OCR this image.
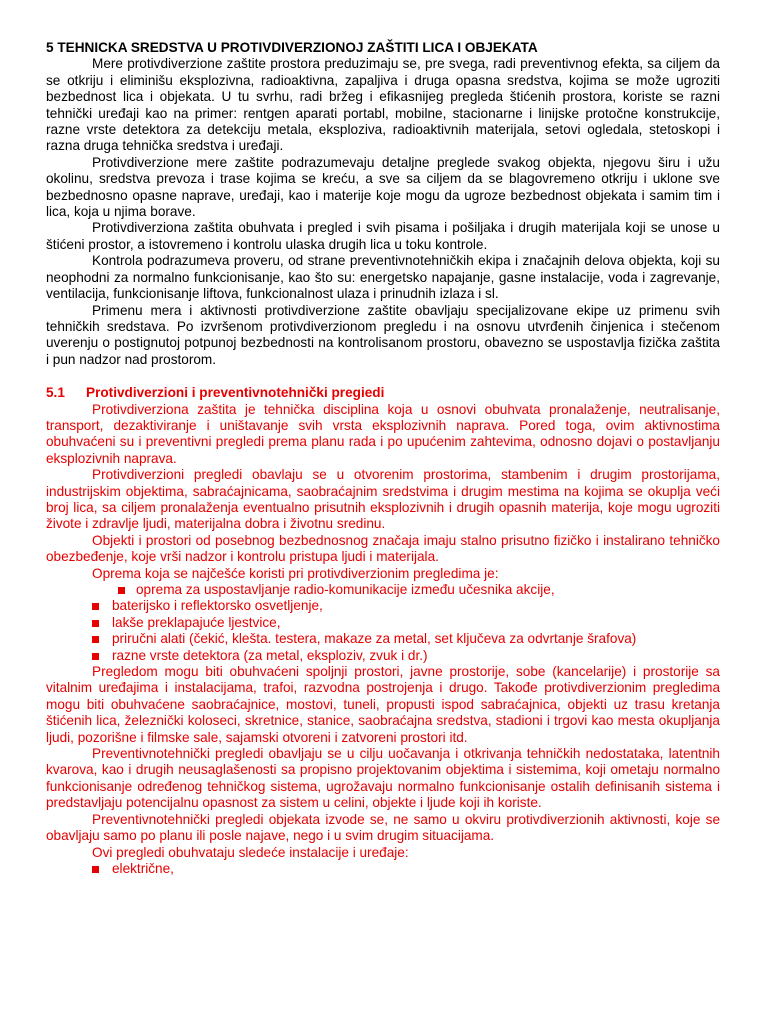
5 TEHNICKA SREDSTVA U PROTIVDIVERZIONOJ ZAŠTITI LICA I OBJEKATA

Mere protivdiverzione zaštite prostora preduzimaju se, pre svega, radi preventivnog efekta, sa ciljem da se otkriju i eliminišu eksplozivna, radioaktivna, zapaljiva i druga opasna sredstva, kojima se može ugroziti bezbednost lica i objekata. U tu svrhu, radi bržeg i efikasnijeg pregleda štićenih prostora, koriste se razni tehnički uređaji kao na primer: rentgen aparati portabl, mobilne, stacionarne i linijske protočne konstrukcije, razne vrste detektora za detekciju metala, eksploziva, radioaktivnih materijala, setovi ogledala, stetoskopi i razna druga tehnička sredstva i uređaji.

Protivdiverzione mere zaštite podrazumevaju detaljne preglede svakog objekta, njegovu širu i užu okolinu, sredstva prevoza i trase kojima se kreću, a sve sa ciljem da se blagovremeno otkriju i uklone sve bezbednosno opasne naprave, uređaji, kao i materije koje mogu da ugroze bezbednost objekata i samim tim i lica, koja u njima borave.

Protivdiverziona zaštita obuhvata i pregled i svih pisama i pošiljaka i drugih materijala koji se unose u štićeni prostor, a istovremeno i kontrolu ulaska drugih lica u toku kontrole.

Kontrola podrazumeva proveru, od strane preventivnotehničkih ekipa i značajnih delova objekta, koji su neophodni za normalno funkcionisanje, kao što su: energetsko napajanje, gasne instalacije, voda i zagrevanje, ventilacija, funkcionisanje liftova, funkcionalnost ulaza i prinudnih izlaza i sl.

Primenu mera i aktivnosti protivdiverzione zaštite obavljaju specijalizovane ekipe uz primenu svih tehničkih sredstava. Po izvršenom protivdiverzionom pregledu i na osnovu utvrđenih činjenica i stečenom uverenju o postignutoj potpunoj bezbednosti na kontrolisanom prostoru, obavezno se uspostavlja fizička zaštita i pun nadzor nad prostorom.

5.1 Protivdiverzioni i preventivnotehnički pregiedi

Protivdiverziona zaštita je tehnička disciplina koja u osnovi obuhvata pronalaženje, neutralisanje, transport, dezaktiviranje i uništavanje svih vrsta eksplozivnih naprava. Pored toga, ovim aktivnostima obuhvaćeni su i preventivni pregledi prema planu rada i po upućenim zahtevima, odnosno dojavi o postavljanju eksplozivnih naprava.

Protivdiverzioni pregledi obavlaju se u otvorenim prostorima, stambenim i drugim prostorijama, industrijskim objektima, sabraćajnicama, saobraćajnim sredstvima i drugim mestima na kojima se okuplja veći broj lica, sa ciljem pronalaženja eventualno prisutnih eksplozivnih i drugih opasnih materija, koje mogu ugroziti živote i zdravlje ljudi, materijalna dobra i životnu sredinu.

Objekti i prostori od posebnog bezbednosnog značaja imaju stalno prisutno fizičko i instalirano tehničko obezbeđenje, koje vrši nadzor i kontrolu pristupa ljudi i materijala.

Oprema koja se najčešće koristi pri protivdiverzionim pregledima je:

oprema za uspostavljanje radio-komunikacije između učesnika akcije,
baterijsko i reflektorsko osvetljenje,
lakše preklapajuće ljestvice,
priručni alati (čekić, klešta. testera, makaze za metal, set ključeva za odvrtanje šrafova)
razne vrste detektora (za metal, eksploziv, zvuk i dr.)

Pregledom mogu biti obuhvaćeni spoljnji prostori, javne prostorije, sobe (kancelarije) i prostorije sa vitalnim uređajima i instalacijama, trafoi, razvodna postrojenja i drugo. Takođe protivdiverzionim pregledima mogu biti obuhvaćene saobraćajnice, mostovi, tuneli, propusti ispod sabraćajnica, objekti uz trasu kretanja štićenih lica, železnički koloseci, skretnice, stanice, saobraćajna sredstva, stadioni i trgovi kao mesta okupljanja ljudi, pozorišne i filmske sale, sajamski otvoreni i zatvoreni prostori itd.

Preventivnotehnički pregledi obavljaju se u cilju uočavanja i otkrivanja tehničkih nedostataka, latentnih kvarova, kao i drugih neusaglašenosti sa propisno projektovanim objektima i sistemima, koji ometaju normalno funkcionisanje određenog tehničkog sistema, ugrožavaju normalno funkcionisanje ostalih definisanih sistema i predstavljaju potencijalnu opasnost za sistem u celini, objekte i ljude koji ih koriste.

Preventivnotehnički pregledi objekata izvode se, ne samo u okviru protivdiverzionih aktivnosti, koje se obavljaju samo po planu ili posle najave, nego i u svim drugim situacijama.

Ovi pregledi obuhvataju sledeće instalacije i uređaje:

električne,
